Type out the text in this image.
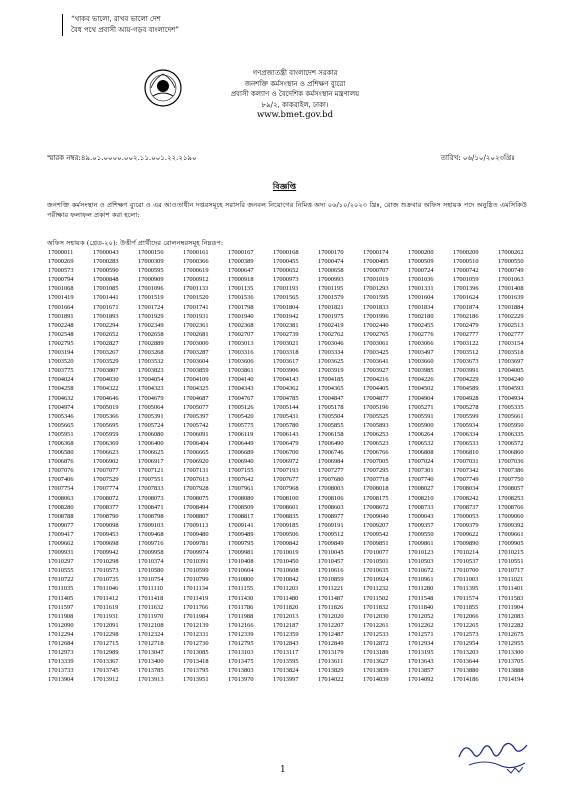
“থাকব ভালো, রাখব ভালো দেশ
বৈধ পথে প্রবাসী আয়-গড়ব বাংলাদেশ”
গণপ্রজাতন্ত্রী বাংলাদেশ সরকার
জনশক্তি কর্মসংস্থান ও প্রশিক্ষণ ব্যুরো
প্রবাসী কল্যাণ ও বৈদেশিক কর্মসংস্থান মন্ত্রণালয়
৮৯/২, কাকরাইল, ঢাকা।
www.bmet.gov.bd
স্মারক নম্বর:৪৯.০১.০০০০.০০২.১১.০০১.২২.২১৯০	তারিখ: ০৬/১০/২০২৩খ্রিঃ
বিজ্ঞপ্তি
জনশক্তি কর্মসংস্থান ও প্রশিক্ষণ ব্যুরো ও এর আওতাধীন দপ্তরসমূহে সরাসরি জনবল নিয়োগের নিমিত্ত অদ্য ০৬/১০/২০২৩ খ্রিঃ, রোজ শুক্রবার অফিস সহায়ক পদে অনুষ্ঠিত এমসিকিউ পরীক্ষার ফলাফল প্রকাশ করা হলো:
অফিস সহায়ক (গ্রেড-২০): উত্তীর্ণ প্রার্থীদের রোলনম্বরসমূহ নিম্নরূপ:
17000011	17000043	17000156	17000161	17000167	17000168	17000170	17000174	17000200	17000209	17000262
17000269	17000283	17000309	17000366	17000389	17000455	17000474	17000495	17000509	17000510	17000550
17000573	17000590	17000595	17000619	17000647	17000652	17000658	17000707	17000724	17000742	17000749
17000794	17000848	17000909	17000912	17000918	17000973	17000993	17001019	17001036	17001059	17001063
17001068	17001085	17001096	17001133	17001135	17001193	17001195	17001293	17001331	17001396	17001408
17001419	17001441	17001519	17001520	17001536	17001565	17001579	17001595	17001604	17001624	17001639
17001664	17001671	17001724	17001741	17001798	17001804	17001821	17001833	17001834	17001874	17001884
17001891	17001893	17001929	17001931	17001940	17001942	17001975	17001996	17002180	17002186	17002229
17002248	17002294	17002349	17002361	17002368	17002381	17002419	17002440	17002455	17002479	17002513
17002548	17002652	17002658	17002681	17002707	17002739	17002762	17002765	17002776	17002777	17002777
17002795	17002827	17002889	17003000	17003013	17003021	17003046	17003061	17003066	17003122	17003154
17003194	17003267	17003268	17003287	17003316	17003318	17003334	17003425	17003497	17003512	17003518
17003520	17003529	17003532	17003604	17003606	17003617	17003625	17003641	17003660	17003673	17003697
17003775	17003807	17003823	17003859	17003861	17003906	17003919	17003927	17003985	17003991	17004005
17004024	17004030	17004054	17004109	17004140	17004143	17004185	17004216	17004226	17004229	17004240
17004258	17004322	17004323	17004325	17004343	17004362	17004365	17004405	17004502	17004589	17004593
17004632	17004646	17004679	17004687	17004767	17004785	17004847	17004877	17004904	17004928	17004934
17004974	17005019	17005064	17005077	17005126	17005144	17005178	17005196	17005271	17005278	17005335
17005346	17005366	17005391	17005397	17005420	17005431	17005504	17005525	17005591	17005599	17005661
17005665	17005695	17005724	17005742	17005775	17005780	17005855	17005893	17005900	17005934	17005950
17005951	17005959	17006080	17006091	17006119	17006143	17006158	17006253	17006264	17006334	17006335
17006368	17006369	17006400	17006404	17006449	17006479	17006490	17006523	17006532	17006533	17006572
17006580	17006623	17006625	17006665	17006689	17006700	17006746	17006766	17006808	17006810	17006860
17006876	17006902	17006917	17006920	17006940	17006972	17006984	17007005	17007024	17007031	17007036
17007076	17007077	17007121	17007131	17007155	17007193	17007277	17007295	17007301	17007342	17007386
17007406	17007529	17007551	17007613	17007642	17007677	17007680	17007718	17007740	17007749	17007750
17007754	17007774	17007833	17007928	17007961	17007968	17008003	17008018	17008027	17008034	17008057
17008063	17008072	17008073	17008075	17008080	17008100	17008106	17008175	17008210	17008242	17008253
17008280	17008377	17008471	17008494	17008509	17008601	17008603	17008672	17008733	17008737	17008766
17008788	17008790	17008798	17008807	17008817	17008835	17008977	17009040	17009043	17009053	17009060
17009077	17009098	17009103	17009113	17009141	17009185	17009191	17009207	17009357	17009379	17009392
17009417	17009453	17009468	17009480	17009489	17009506	17009512	17009542	17009550	17009622	17009661
17009662	17009698	17009716	17009781	17009795	17009842	17009849	17009851	17009861	17009890	17009905
17009931	17009942	17009958	17009974	17009981	17010019	17010045	17010077	17010123	17010214	17010215
17010297	17010298	17010374	17010391	17010408	17010450	17010457	17010501	17010503	17010537	17010551
17010555	17010573	17010580	17010599	17010604	17010608	17010616	17010635	17010672	17010700	17010717
17010722	17010735	17010754	17010799	17010800	17010842	17010859	17010924	17010961	17011003	17011021
17011035	17011046	17011110	17011134	17011155	17011203	17011221	17011232	17011280	17011395	17011401
17011405	17011412	17011418	17011419	17011430	17011480	17011487	17011502	17011548	17011574	17011583
17011597	17011619	17011632	17011766	17011786	17011820	17011826	17011832	17011840	17011855	17011904
17011908	17011931	17011970	17011984	17011988	17012013	17012020	17012030	17012052	17012066	17012083
17012090	17012091	17012108	17012139	17012166	17012187	17012207	17012261	17012262	17012265	17012282
17012294	17012298	17012324	17012331	17012339	17012359	17012487	17012533	17012571	17012573	17012675
17012684	17012715	17012718	17012730	17012795	17012843	17012849	17012872	17012934	17012954	17012955
17012973	17012989	17013047	17013085	17013103	17013117	17013179	17013189	17013195	17013203	17013300
17013339	17013367	17013400	17013418	17013475	17013595	17013611	17013627	17013643	17013644	17013705
17013733	17013745	17013785	17013795	17013803	17013824	17013829	17013839	17013857	17013880	17013888
17013904	17013912	17013913	17013951	17013970	17013997	17014022	17014039	17014092	17014186	17014194
1
